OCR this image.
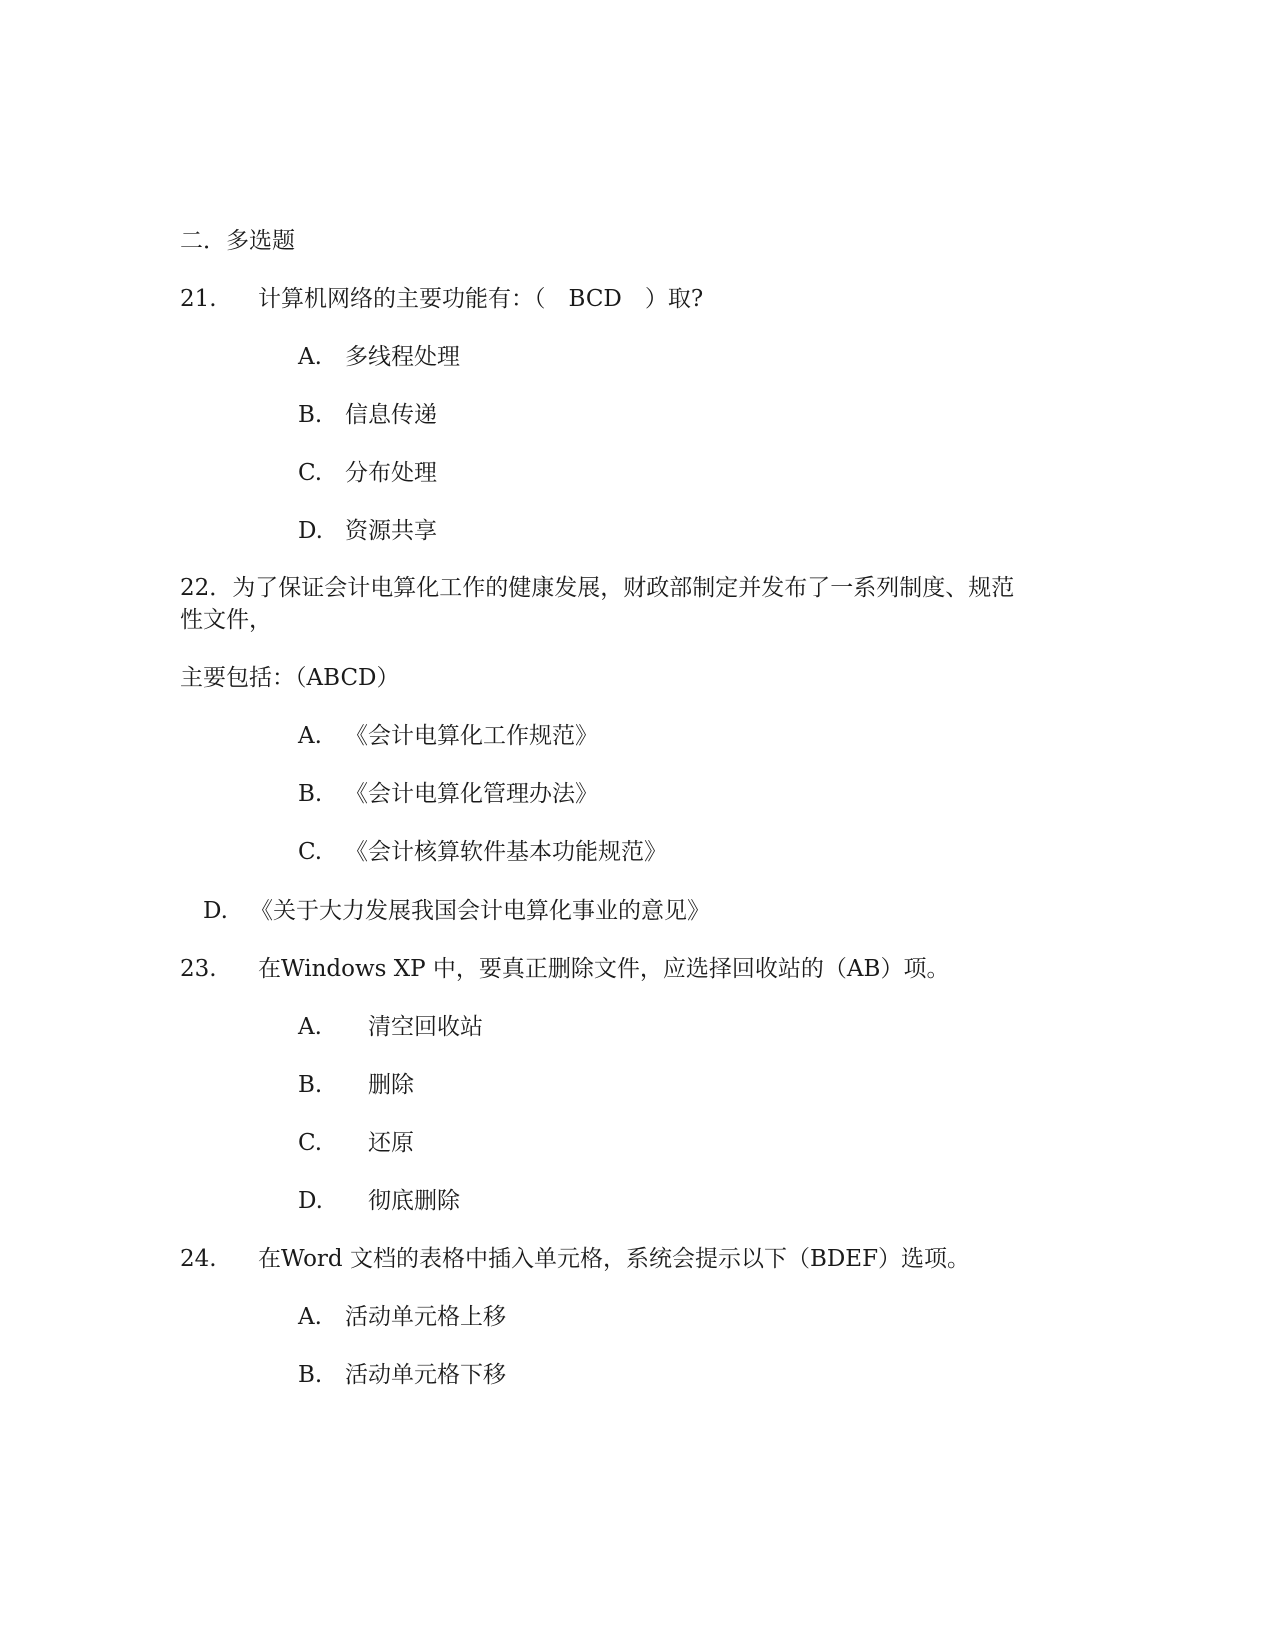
二．多选题
21. 计算机网络的主要功能有：（　BCD　）取?
A. 多线程处理
B. 信息传递
C. 分布处理
D. 资源共享
22．为了保证会计电算化工作的健康发展，财政部制定并发布了一系列制度、规范
性文件，
主要包括：（ABCD）
A. 《会计电算化工作规范》
B. 《会计电算化管理办法》
C. 《会计核算软件基本功能规范》
D. 《关于大力发展我国会计电算化事业的意见》
23. 在Windows XP 中，要真正删除文件，应选择回收站的（AB）项。
A. 清空回收站
B. 删除
C. 还原
D. 彻底删除
24. 在Word 文档的表格中插入单元格，系统会提示以下（BDEF）选项。
A. 活动单元格上移
B. 活动单元格下移
